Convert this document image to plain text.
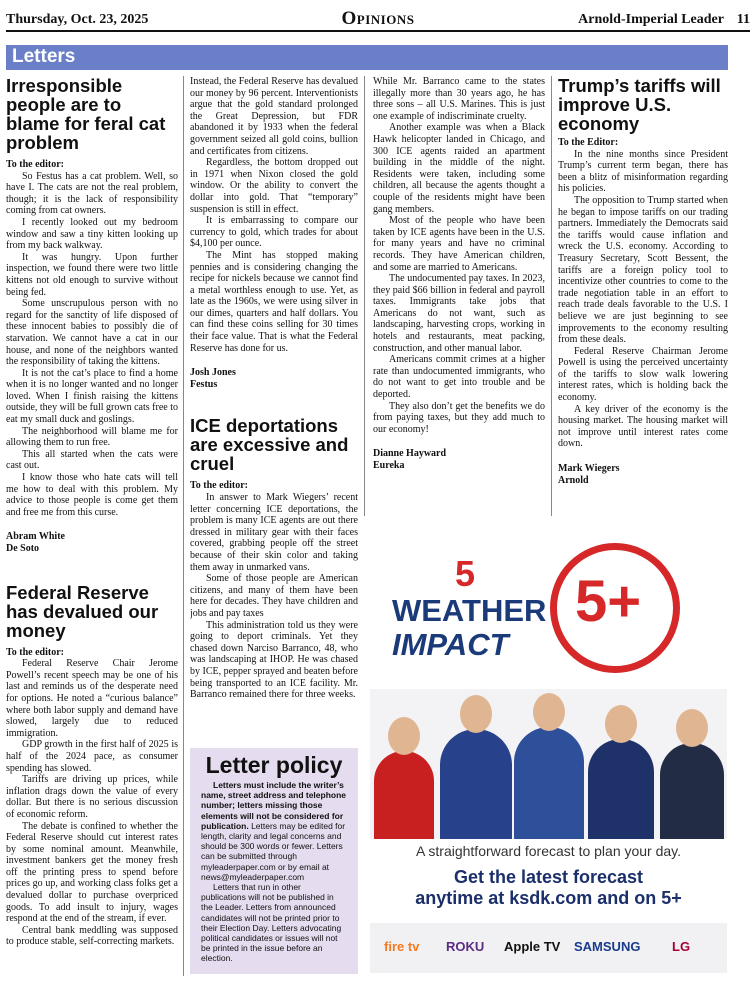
Thursday, Oct. 23, 2025	Opinions	Arnold-Imperial Leader 11
Letters
Irresponsible people are to blame for feral cat problem

To the editor:

So Festus has a cat problem. Well, so have I. The cats are not the real problem, though; it is the lack of responsibility coming from cat owners.

I recently looked out my bedroom window and saw a tiny kitten looking up from my back walkway.

It was hungry. Upon further inspection, we found there were two little kittens not old enough to survive without being fed.

Some unscrupulous person with no regard for the sanctity of life disposed of these innocent babies to possibly die of starvation. We cannot have a cat in our house, and none of the neighbors wanted the responsibility of taking the kittens.

It is not the cat’s place to find a home when it is no longer wanted and no longer loved. When I finish raising the kittens outside, they will be full grown cats free to eat my small duck and goslings.

The neighborhood will blame me for allowing them to run free.

This all started when the cats were cast out.

I know those who hate cats will tell me how to deal with this problem. My advice to those people is come get them and free me from this curse.

Abram White

De Soto

Federal Reserve has devalued our money

To the editor:

Federal Reserve Chair Jerome Powell’s recent speech may be one of his last and reminds us of the desperate need for options. He noted a “curious balance” where both labor supply and demand have slowed, largely due to reduced immigration.

GDP growth in the first half of 2025 is half of the 2024 pace, as consumer spending has slowed.

Tariffs are driving up prices, while inflation drags down the value of every dollar. But there is no serious discussion of economic reform.

The debate is confined to whether the Federal Reserve should cut interest rates by some nominal amount. Meanwhile, investment bankers get the money fresh off the printing press to spend before prices go up, and working class folks get a devalued dollar to purchase overpriced goods. To add insult to injury, wages respond at the end of the stream, if ever.

Central bank meddling was supposed to produce stable, self-correcting markets.

Instead, the Federal Reserve has devalued our money by 96 percent. Interventionists argue that the gold standard prolonged the Great Depression, but FDR abandoned it by 1933 when the federal government seized all gold coins, bullion and certificates from citizens.

Regardless, the bottom dropped out in 1971 when Nixon closed the gold window. Or the ability to convert the dollar into gold. That “temporary” suspension is still in effect.

It is embarrassing to compare our currency to gold, which trades for about $4,100 per ounce.

The Mint has stopped making pennies and is considering changing the recipe for nickels because we cannot find a metal worthless enough to use. Yet, as late as the 1960s, we were using silver in our dimes, quarters and half dollars. You can find these coins selling for 30 times their face value. That is what the Federal Reserve has done for us.

Josh Jones

Festus

ICE deportations are excessive and cruel

To the editor:

In answer to Mark Wiegers’ recent letter concerning ICE deportations, the problem is many ICE agents are out there dressed in military gear with their faces covered, grabbing people off the street because of their skin color and taking them away in unmarked vans.

Some of those people are American citizens, and many of them have been here for decades. They have children and jobs and pay taxes

This administration told us they were going to deport criminals. Yet they chased down Narciso Barranco, 48, who was landscaping at IHOP. He was chased by ICE, pepper sprayed and beaten before being transported to an ICE facility. Mr. Barranco remained there for three weeks.

While Mr. Barranco came to the states illegally more than 30 years ago, he has three sons – all U.S. Marines. This is just one example of indiscriminate cruelty.

Another example was when a Black Hawk helicopter landed in Chicago, and 300 ICE agents raided an apartment building in the middle of the night. Residents were taken, including some children, all because the agents thought a couple of the residents might have been gang members.

Most of the people who have been taken by ICE agents have been in the U.S. for many years and have no criminal records. They have American children, and some are married to Americans.

The undocumented pay taxes. In 2023, they paid $66 billion in federal and payroll taxes. Immigrants take jobs that Americans do not want, such as landscaping, harvesting crops, working in hotels and restaurants, meat packing, construction, and other manual labor.

Americans commit crimes at a higher rate than undocumented immigrants, who do not want to get into trouble and be deported.

They also don’t get the benefits we do from paying taxes, but they add much to our economy!

Dianne Hayward

Eureka

Trump’s tariffs will improve U.S. economy

To the Editor:

In the nine months since President Trump’s current term began, there has been a blitz of misinformation regarding his policies.

The opposition to Trump started when he began to impose tariffs on our trading partners. Immediately the Democrats said the tariffs would cause inflation and wreck the U.S. economy. According to Treasury Secretary, Scott Bessent, the tariffs are a foreign policy tool to incentivize other countries to come to the trade negotiation table in an effort to reach trade deals favorable to the U.S. I believe we are just beginning to see improvements to the economy resulting from these deals.

Federal Reserve Chairman Jerome Powell is using the perceived uncertainty of the tariffs to slow walk lowering interest rates, which is holding back the economy.

A key driver of the economy is the housing market. The housing market will not improve until interest rates come down.

Mark Wiegers

Arnold

Letter policy

Letters must include the writer’s name, street address and telephone number; letters missing those elements will not be considered for publication. Letters may be edited for length, clarity and legal concerns and should be 300 words or fewer. Letters can be submitted through myleaderpaper.com or by email at news@myleaderpaper.com

Letters that run in other publications will not be published in the Leader. Letters from announced candidates will not be printed prior to their Election Day. Letters advocating political candidates or issues will not be printed in the issue before an election.

5 5+
WEATHER
IMPACT
A straightforward forecast to plan your day.
Get the latest forecast
anytime at ksdk.com and on 5+
fire tv ROKU Apple TV SAMSUNG LG
